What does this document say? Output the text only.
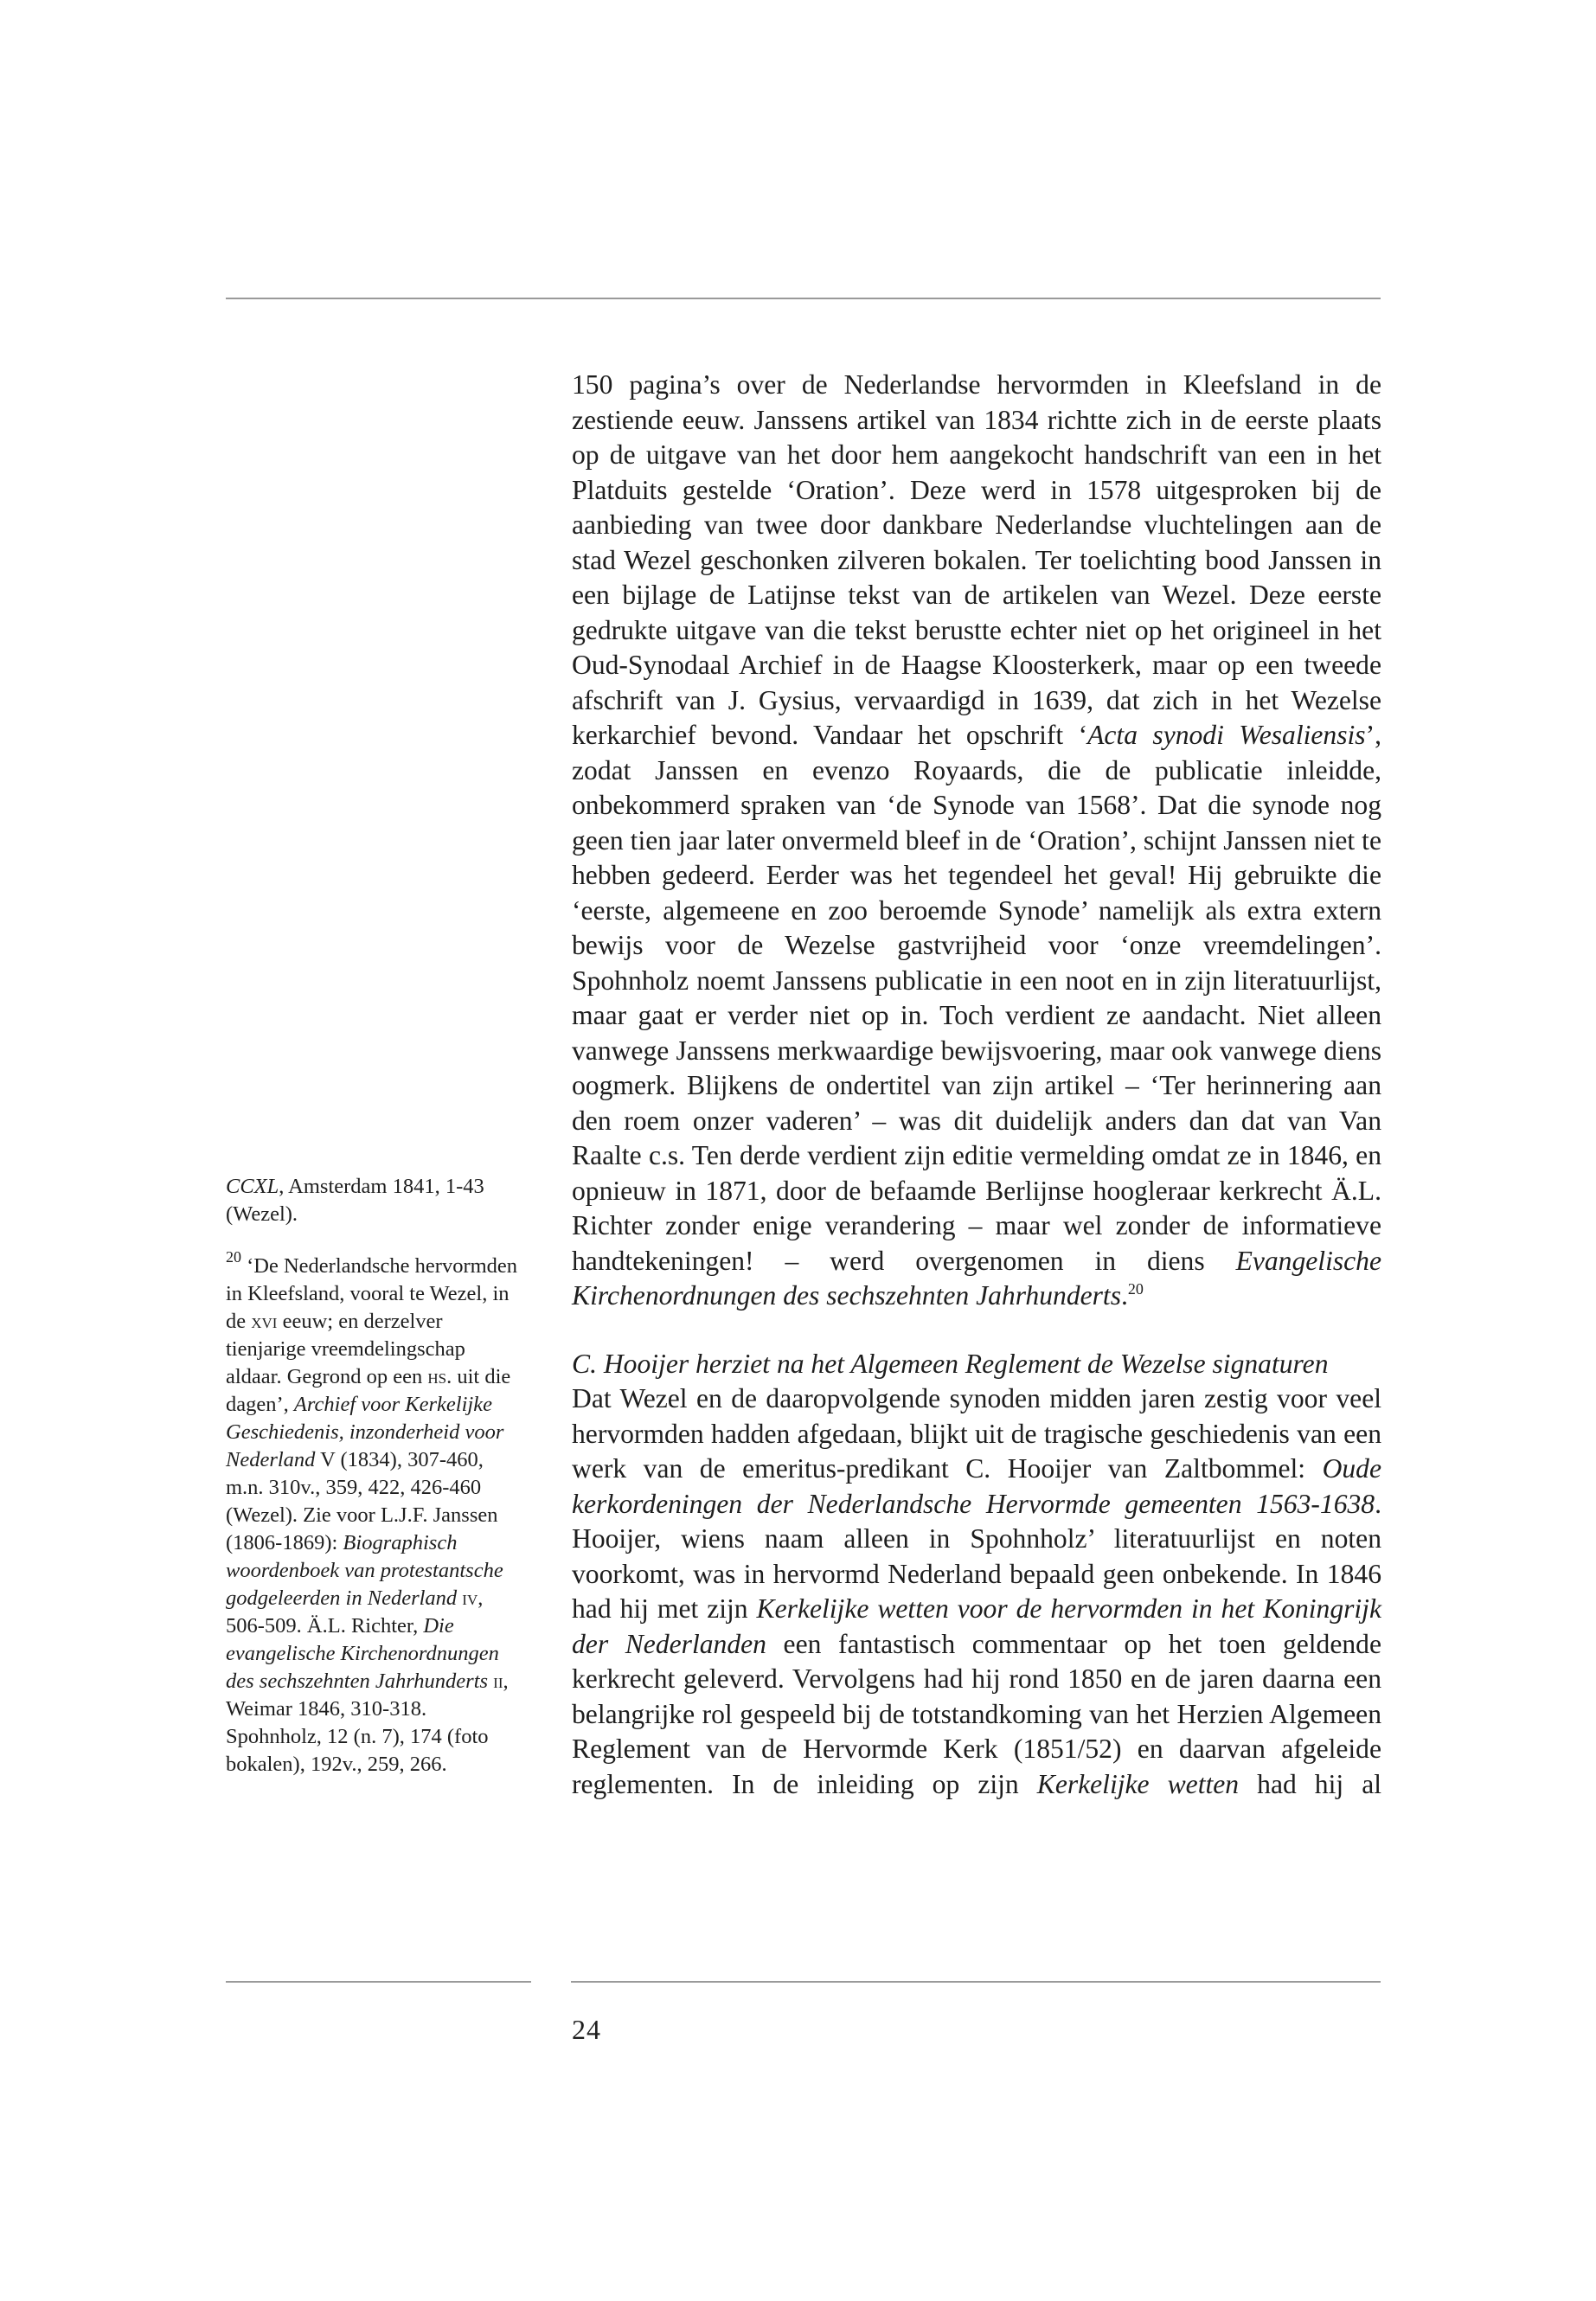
CCXL, Amsterdam 1841, 1-43 (Wezel).

$^{20}$ ‘De Nederlandsche hervormden in Kleefsland, vooral te Wezel, in de xvi eeuw; en derzelver tienjarige vreemdelingschap aldaar. Gegrond op een hs. uit die dagen’, Archief voor Kerkelijke Geschiedenis, inzonderheid voor Nederland V (1834), 307-460, m.n. 310v., 359, 422, 426-460 (Wezel). Zie voor L.J.F. Janssen (1806-1869): Biographisch woordenboek van protestantsche godgeleerden in Nederland iv, 506-509. Ä.L. Richter, Die evangelische Kirchenordnungen des sechszehnten Jahrhunderts ii, Weimar 1846, 310-318. Spohnholz, 12 (n. 7), 174 (foto bokalen), 192v., 259, 266.

150 pagina’s over de Nederlandse hervormden in Kleefsland in de zestiende eeuw. Janssens artikel van 1834 richtte zich in de eerste plaats op de uitgave van het door hem aangekocht handschrift van een in het Platduits gestelde ‘Oration’. Deze werd in 1578 uitgesproken bij de aanbieding van twee door dankbare Nederlandse vluchtelingen aan de stad Wezel geschonken zilveren bokalen. Ter toelichting bood Janssen in een bijlage de Latijnse tekst van de artikelen van Wezel. Deze eerste gedrukte uitgave van die tekst berustte echter niet op het origineel in het Oud-Synodaal Archief in de Haagse Kloosterkerk, maar op een tweede afschrift van J. Gysius, vervaardigd in 1639, dat zich in het Wezelse kerkarchief bevond. Vandaar het opschrift ‘Acta synodi Wesaliensis’, zodat Janssen en evenzo Royaards, die de publicatie inleidde, onbekommerd spraken van ‘de Synode van 1568’. Dat die synode nog geen tien jaar later onvermeld bleef in de ‘Oration’, schijnt Janssen niet te hebben gedeerd. Eerder was het tegendeel het geval! Hij gebruikte die ‘eerste, algemeene en zoo beroemde Synode’ namelijk als extra extern bewijs voor de Wezelse gastvrijheid voor ‘onze vreemdelingen’. Spohnholz noemt Janssens publicatie in een noot en in zijn literatuurlijst, maar gaat er verder niet op in. Toch verdient ze aandacht. Niet alleen vanwege Janssens merkwaardige bewijsvoering, maar ook vanwege diens oogmerk. Blijkens de ondertitel van zijn artikel – ‘Ter herinnering aan den roem onzer vaderen’ – was dit duidelijk anders dan dat van Van Raalte c.s. Ten derde verdient zijn editie vermelding omdat ze in 1846, en opnieuw in 1871, door de befaamde Berlijnse hoogleraar kerkrecht Ä.L. Richter zonder enige verandering – maar wel zonder de informatieve handtekeningen! – werd overgenomen in diens Evangelische Kirchenordnungen des sechszehnten Jahrhunderts.$^{20}$

C. Hooijer herziet na het Algemeen Reglement de Wezelse signaturen

Dat Wezel en de daaropvolgende synoden midden jaren zestig voor veel hervormden hadden afgedaan, blijkt uit de tragische geschiedenis van een werk van de emeritus-predikant C. Hooijer van Zaltbommel: Oude kerkordeningen der Nederlandsche Hervormde gemeenten 1563-1638. Hooijer, wiens naam alleen in Spohnholz’ literatuurlijst en noten voorkomt, was in hervormd Nederland bepaald geen onbekende. In 1846 had hij met zijn Kerkelijke wetten voor de hervormden in het Koningrijk der Nederlanden een fantastisch commentaar op het toen geldende kerkrecht geleverd. Vervolgens had hij rond 1850 en de jaren daarna een belangrijke rol gespeeld bij de totstandkoming van het Herzien Algemeen Reglement van de Hervormde Kerk (1851/52) en daarvan afgeleide reglementen. In de inleiding op zijn Kerkelijke wetten had hij al

24
